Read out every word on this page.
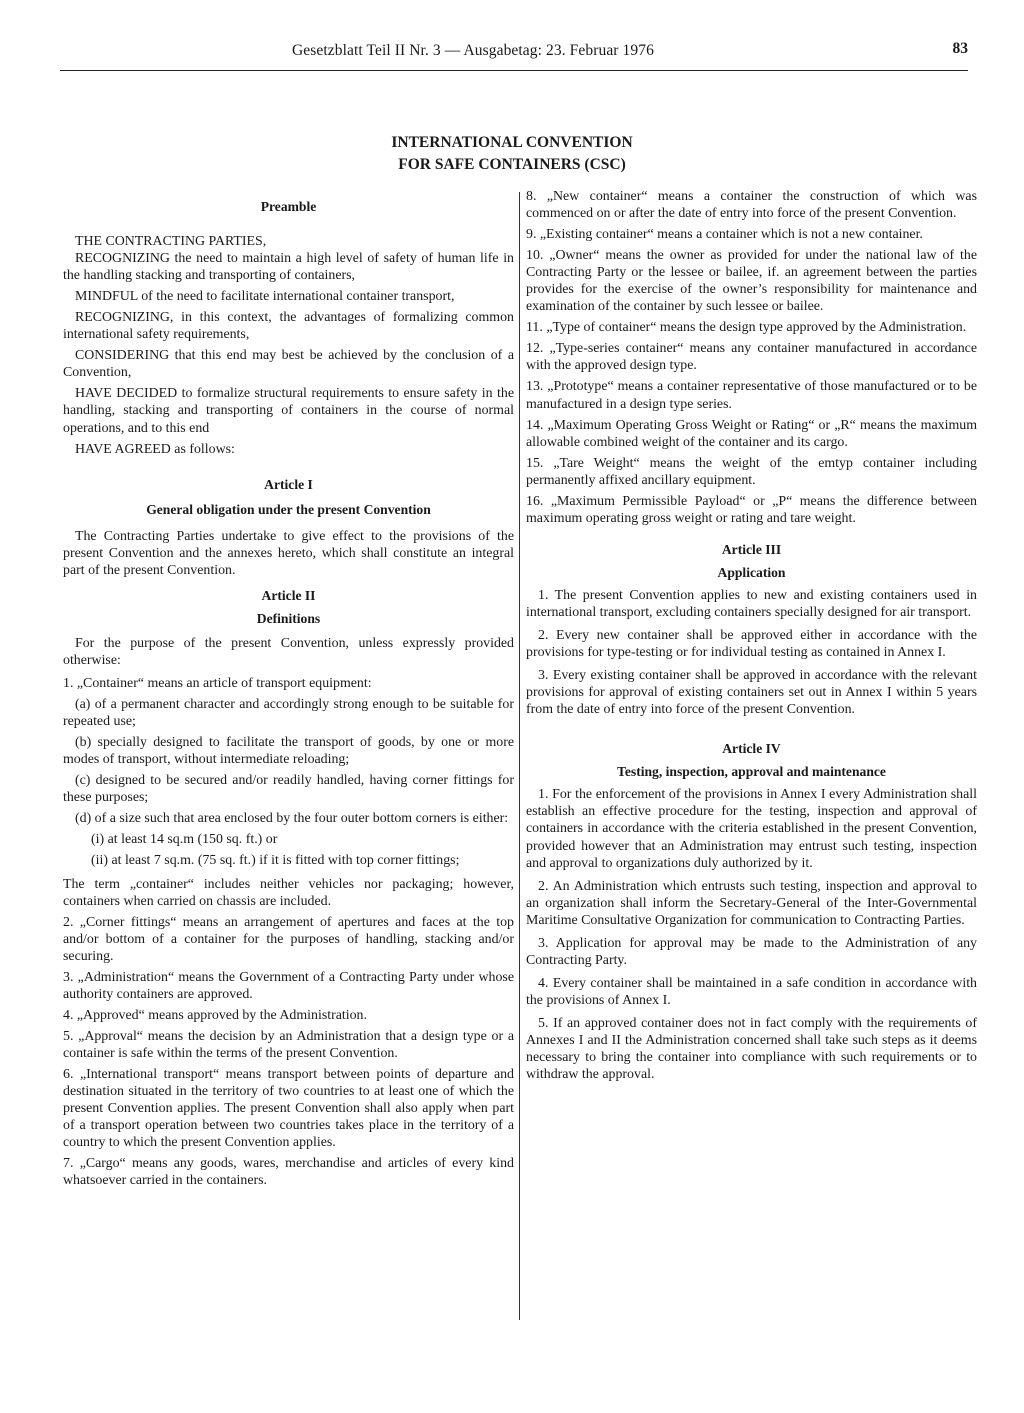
Gesetzblatt Teil II Nr. 3 — Ausgabetag: 23. Februar 1976	83
INTERNATIONAL CONVENTION
FOR SAFE CONTAINERS (CSC)

Preamble

THE CONTRACTING PARTIES,

RECOGNIZING the need to maintain a high level of safety of human life in the handling stacking and transporting of containers,

MINDFUL of the need to facilitate international container transport,

RECOGNIZING, in this context, the advantages of formalizing common international safety requirements,

CONSIDERING that this end may best be achieved by the conclusion of a Convention,

HAVE DECIDED to formalize structural requirements to ensure safety in the handling, stacking and transporting of containers in the course of normal operations, and to this end

HAVE AGREED as follows:

Article I

General obligation under the present Convention

The Contracting Parties undertake to give effect to the provisions of the present Convention and the annexes hereto, which shall constitute an integral part of the present Convention.

Article II

Definitions

For the purpose of the present Convention, unless expressly provided otherwise:

1. „Container“ means an article of transport equipment:

(a) of a permanent character and accordingly strong enough to be suitable for repeated use;

(b) specially designed to facilitate the transport of goods, by one or more modes of transport, without intermediate reloading;

(c) designed to be secured and/or readily handled, having corner fittings for these purposes;

(d) of a size such that area enclosed by the four outer bottom corners is either:

(i) at least 14 sq.m (150 sq. ft.) or

(ii) at least 7 sq.m. (75 sq. ft.) if it is fitted with top corner fittings;

The term „container“ includes neither vehicles nor packaging; however, containers when carried on chassis are included.

2. „Corner fittings“ means an arrangement of apertures and faces at the top and/or bottom of a container for the purposes of handling, stacking and/or securing.

3. „Administration“ means the Government of a Contracting Party under whose authority containers are approved.

4. „Approved“ means approved by the Administration.

5. „Approval“ means the decision by an Administration that a design type or a container is safe within the terms of the present Convention.

6. „International transport“ means transport between points of departure and destination situated in the territory of two countries to at least one of which the present Convention applies. The present Convention shall also apply when part of a transport operation between two countries takes place in the territory of a country to which the present Convention applies.

7. „Cargo“ means any goods, wares, merchandise and articles of every kind whatsoever carried in the containers.

8. „New container“ means a container the construction of which was commenced on or after the date of entry into force of the present Convention.

9. „Existing container“ means a container which is not a new container.

10. „Owner“ means the owner as provided for under the national law of the Contracting Party or the lessee or bailee, if. an agreement between the parties provides for the exercise of the owner’s responsibility for maintenance and examination of the container by such lessee or bailee.

11. „Type of container“ means the design type approved by the Administration.

12. „Type-series container“ means any container manufactured in accordance with the approved design type.

13. „Prototype“ means a container representative of those manufactured or to be manufactured in a design type series.

14. „Maximum Operating Gross Weight or Rating“ or „R“ means the maximum allowable combined weight of the container and its cargo.

15. „Tare Weight“ means the weight of the emtyp container including permanently affixed ancillary equipment.

16. „Maximum Permissible Payload“ or „P“ means the difference between maximum operating gross weight or rating and tare weight.

Article III

Application

1. The present Convention applies to new and existing containers used in international transport, excluding containers specially designed for air transport.

2. Every new container shall be approved either in accordance with the provisions for type-testing or for individual testing as contained in Annex I.

3. Every existing container shall be approved in accordance with the relevant provisions for approval of existing containers set out in Annex I within 5 years from the date of entry into force of the present Convention.

Article IV

Testing, inspection, approval and maintenance

1. For the enforcement of the provisions in Annex I every Administration shall establish an effective procedure for the testing, inspection and approval of containers in accordance with the criteria established in the present Convention, provided however that an Administration may entrust such testing, inspection and approval to organizations duly authorized by it.

2. An Administration which entrusts such testing, inspection and approval to an organization shall inform the Secretary-General of the Inter-Governmental Maritime Consultative Organization for communication to Contracting Parties.

3. Application for approval may be made to the Administration of any Contracting Party.

4. Every container shall be maintained in a safe condition in accordance with the provisions of Annex I.

5. If an approved container does not in fact comply with the requirements of Annexes I and II the Administration concerned shall take such steps as it deems necessary to bring the container into compliance with such requirements or to withdraw the approval.
